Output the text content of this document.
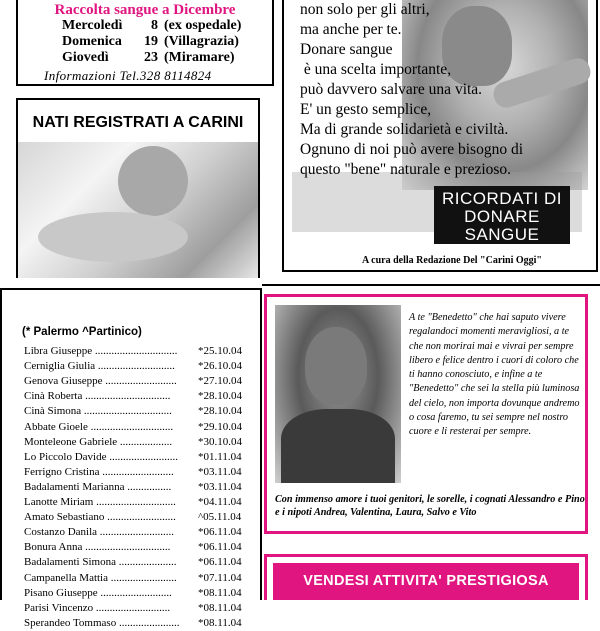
Raccolta sangue a Dicembre
Mercoledì	8 (ex ospedale)
Domenica	19 (Villagrazia)
Giovedì	23 (Miramare)
Informazioni Tel.328 8114824
non solo per gli altri,
ma anche per te.
Donare sangue
è una scelta importante,
può davvero salvare una vita.
E' un gesto semplice,
Ma di grande solidarietà e civiltà.
Ognuno di noi può avere bisogno di
questo "bene" naturale e prezioso.
RICORDATI DI DONARE SANGUE
A cura della Redazione Del "Carini Oggi"
NATI REGISTRATI A CARINI
(* Palermo ^Partinico)
Libra Giuseppe .............................. *25.10.04
Cerniglia Giulia ............................ *26.10.04
Genova Giuseppe .......................... *27.10.04
Cinà Roberta ...............................	*28.10.04
Cinà Simona ................................ *28.10.04
Abbate Gioele .............................. *29.10.04
Monteleone Gabriele ................... *30.10.04
Lo Piccolo Davide ......................... *01.11.04
Ferrigno Cristina .......................... *03.11.04
Badalamenti Marianna ................ *03.11.04
Lanotte Miriam ............................. *04.11.04
Amato Sebastiano ......................... ^05.11.04
Costanzo Danila ........................... *06.11.04
Bonura Anna ...............................	*06.11.04
Badalamenti Simona ..................... *06.11.04
Campanella Mattia ........................ *07.11.04
Pisano Giuseppe .......................... *08.11.04
Parisi Vincenzo ...........................	*08.11.04
Sperandeo Tommaso ...................... *08.11.04
A te "Benedetto" che hai saputo vivere regalandoci momenti meravigliosi, a te che non morirai mai e vivrai per sempre libero e felice dentro i cuori di coloro che ti hanno conosciuto, e infine a te "Benedetto" che sei la stella più luminosa del cielo, non importa dovunque andremo o cosa faremo, tu sei sempre nel nostro cuore e li resterai per sempre.
Con immenso amore i tuoi genitori, le sorelle, i cognati Alessandro e Pino e i nipoti Andrea, Valentina, Laura, Salvo e Vito
VENDESI ATTIVITA' PRESTIGIOSA
